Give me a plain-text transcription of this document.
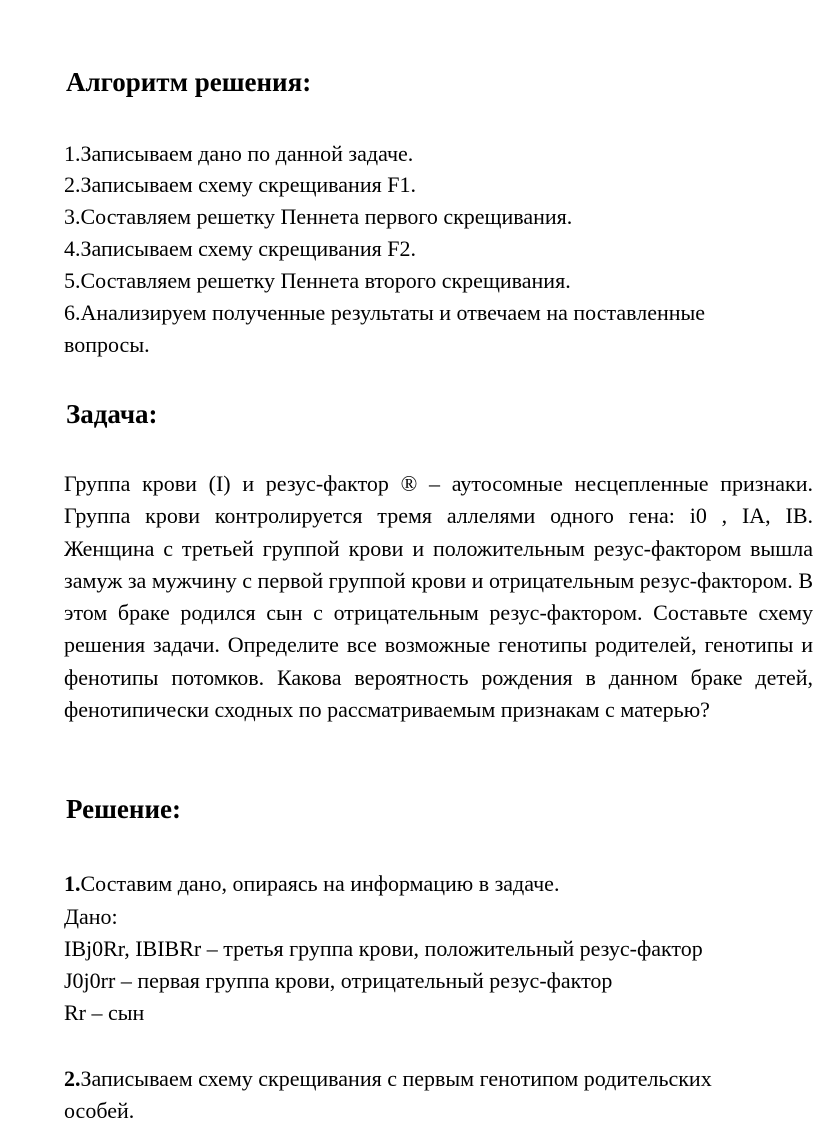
Алгоритм решения:

1.Записываем дано по данной задаче.

2.Записываем схему скрещивания F1.

3.Составляем решетку Пеннета первого скрещивания.

4.Записываем схему скрещивания F2.

5.Составляем решетку Пеннета второго скрещивания.

6.Анализируем полученные результаты и отвечаем на поставленные

вопросы.

Задача:

Группа крови (I) и резус-фактор ® – аутосомные несцепленные признаки. Группа крови контролируется тремя аллелями одного гена: i0 , IA, IB. Женщина с третьей группой крови и положительным резус-фактором вышла замуж за мужчину с первой группой крови и отрицательным резус-фактором. В этом браке родился сын с отрицательным резус-фактором. Составьте схему решения задачи. Определите все возможные генотипы родителей, генотипы и фенотипы потомков. Какова вероятность рождения в данном браке детей, фенотипически сходных по рассматриваемым признакам с матерью?

Решение:

1.Составим дано, опираясь на информацию в задаче.

Дано:

IBj0Rr, IBIBRr – третья группа крови, положительный резус-фактор

J0j0rr – первая группа крови, отрицательный резус-фактор

Rr – сын

2.Записываем схему скрещивания с первым генотипом родительских

особей.
